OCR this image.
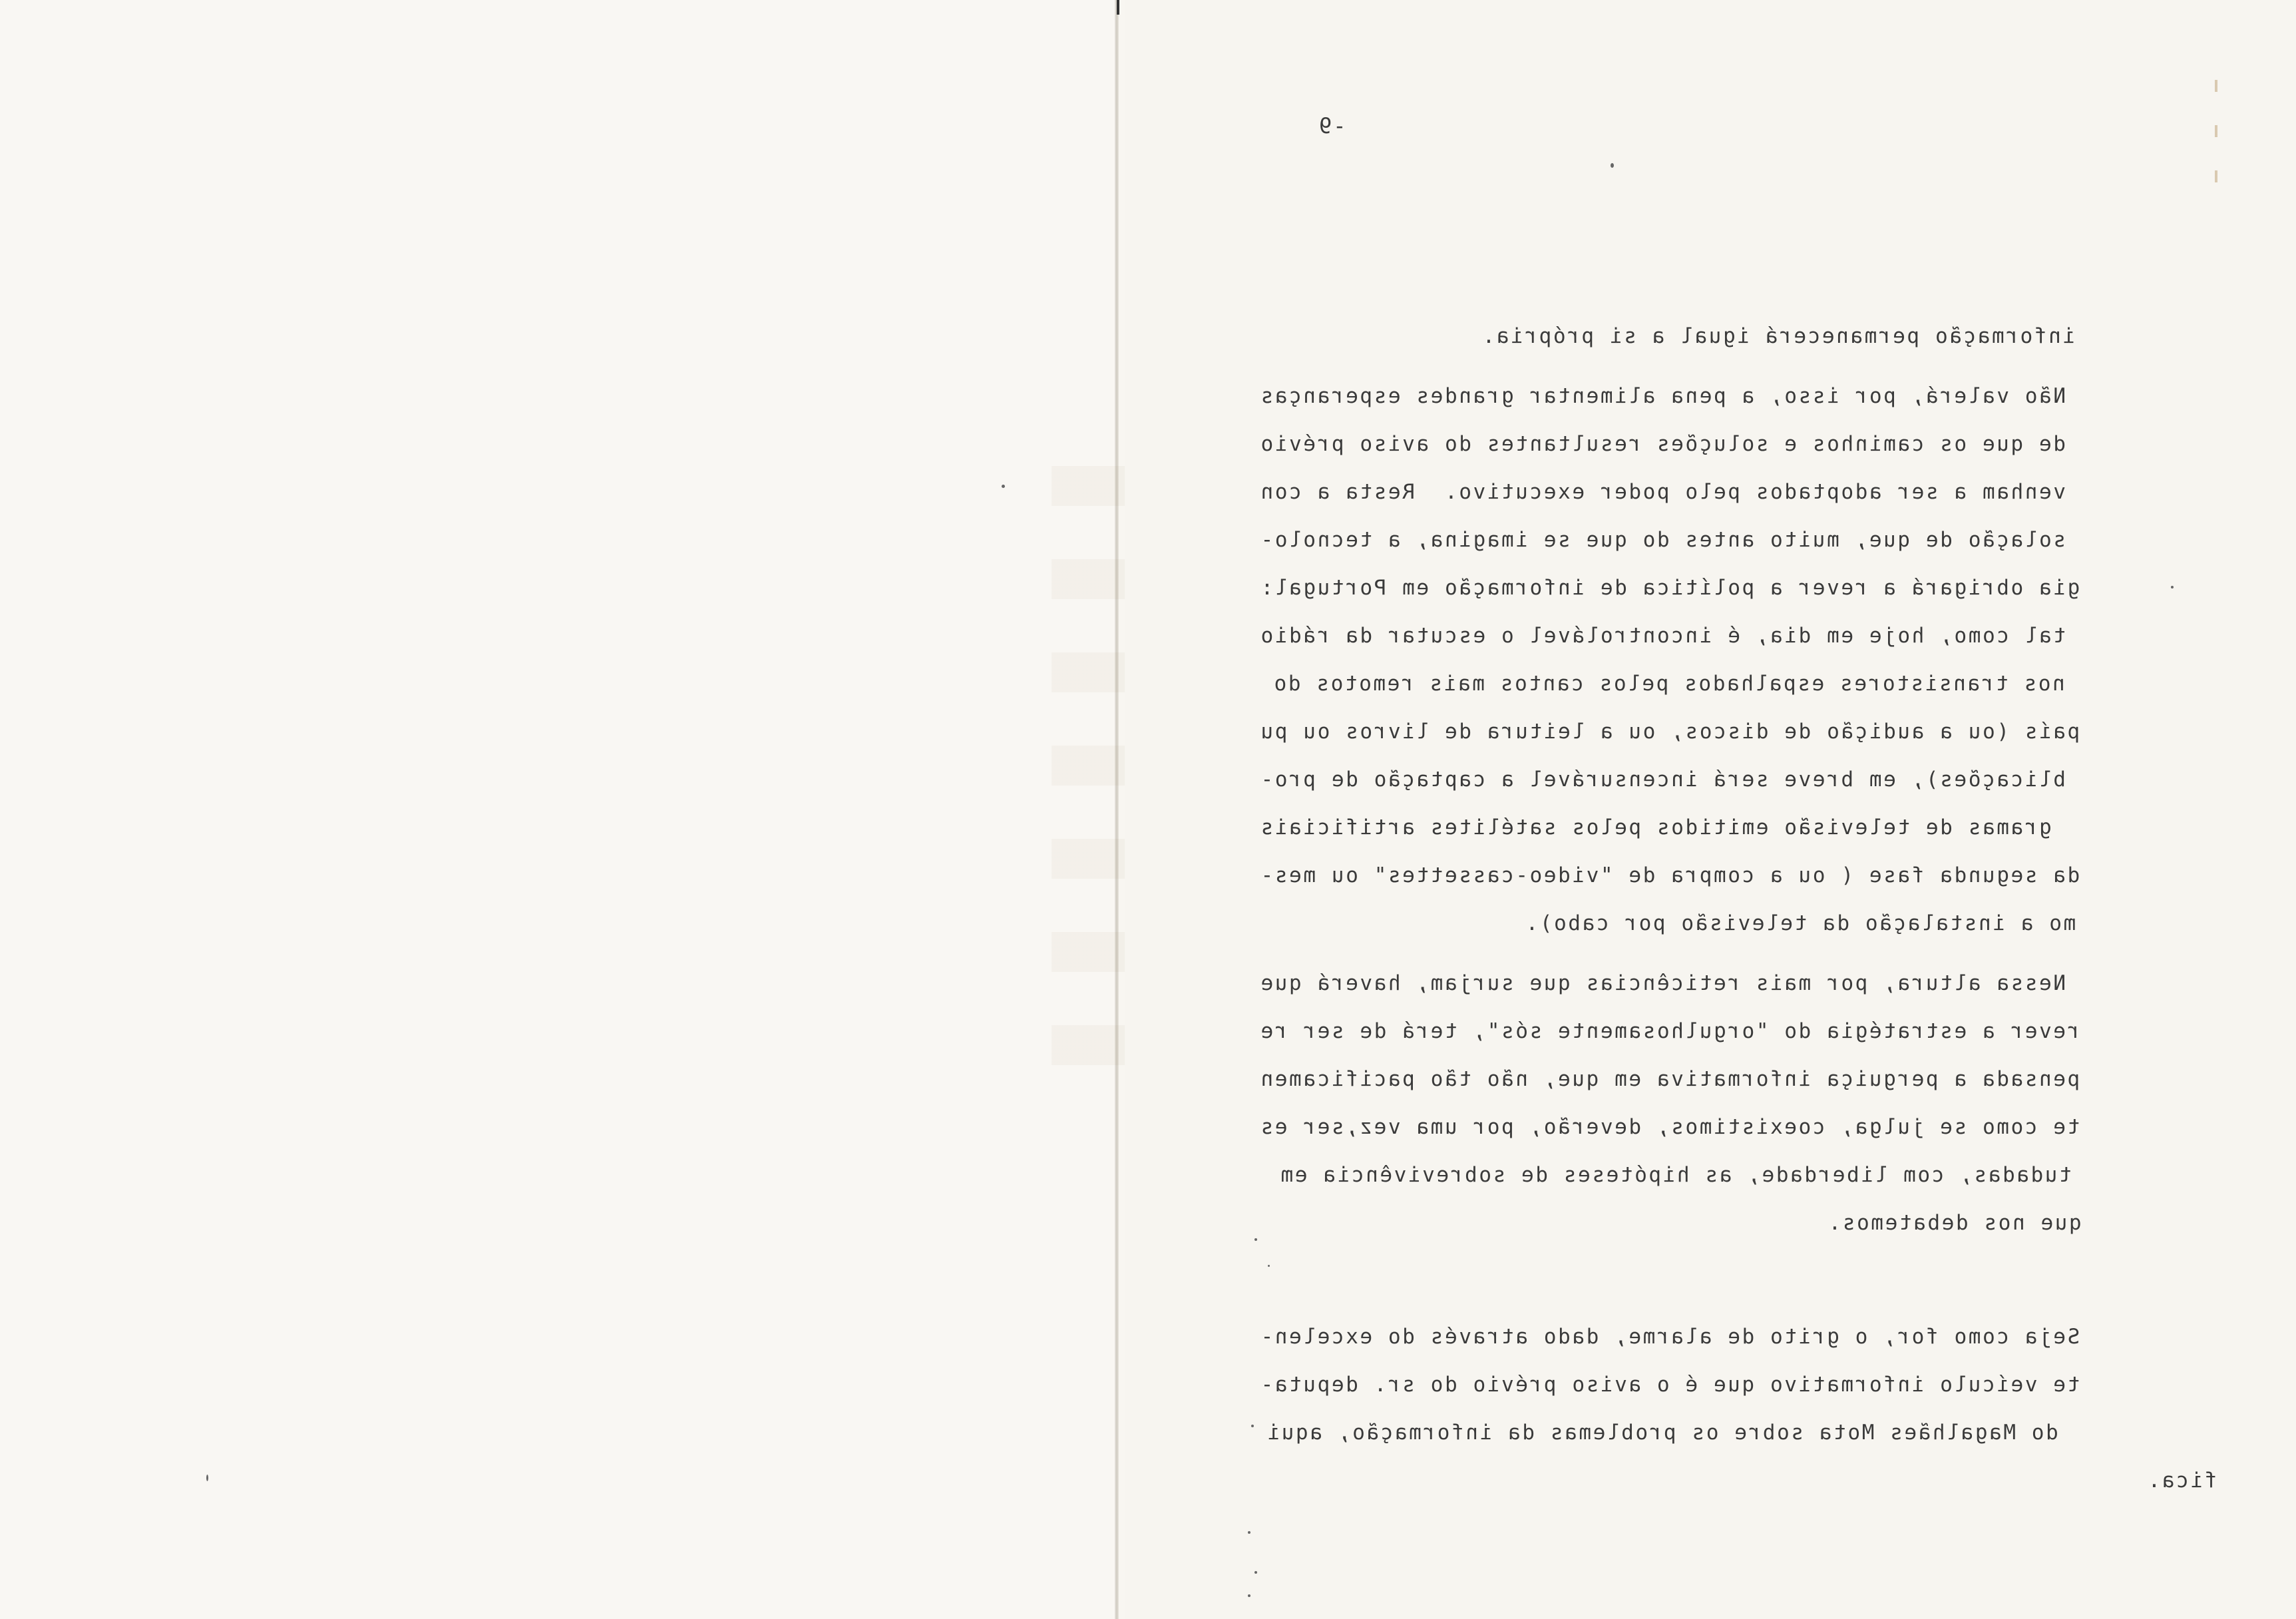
-9
informação permanecerá igual a si própria.
Não valerá, por isso, a pena alimentar grandes esperanças
de que os caminhos e soluções resultantes do aviso prévio
venham a ser adoptados pelo poder executivo.  Resta a con
solação de que, muito antes do que se imagina, a tecnolo-
gia obrigará a rever a política de informação em Portugal:
tal como, hoje em dia, é incontrolável o escutar da rádio
nos transistores espalhados pelos cantos mais remotos do
país (ou a audição de discos, ou a leitura de livros ou pu
blicações), em breve será incensurável a captação de pro-
gramas de televisão emitidos pelos satélites artificiais
da segunda fase ( ou a compra de "video-cassettes" ou mes-
mo a instalação da televisão por cabo).
Nessa altura, por mais reticências que surjam, haverá que
rever a estratégia do "orgulhosamente sós", terá de ser re
pensada a perguiça informativa em que, não tão pacificamen
te como se julga, coexistimos, deverão, por uma vez,ser es
tudadas, com liberdade, as hipóteses de sobrevivência em
que nos debatemos.
Seja como for, o grito de alarme, dado através do excelen-
te veículo informativo que é o aviso prévio do sr. deputa-
do Magalhães Mota sobre os problemas da informação, aqui
fica.
